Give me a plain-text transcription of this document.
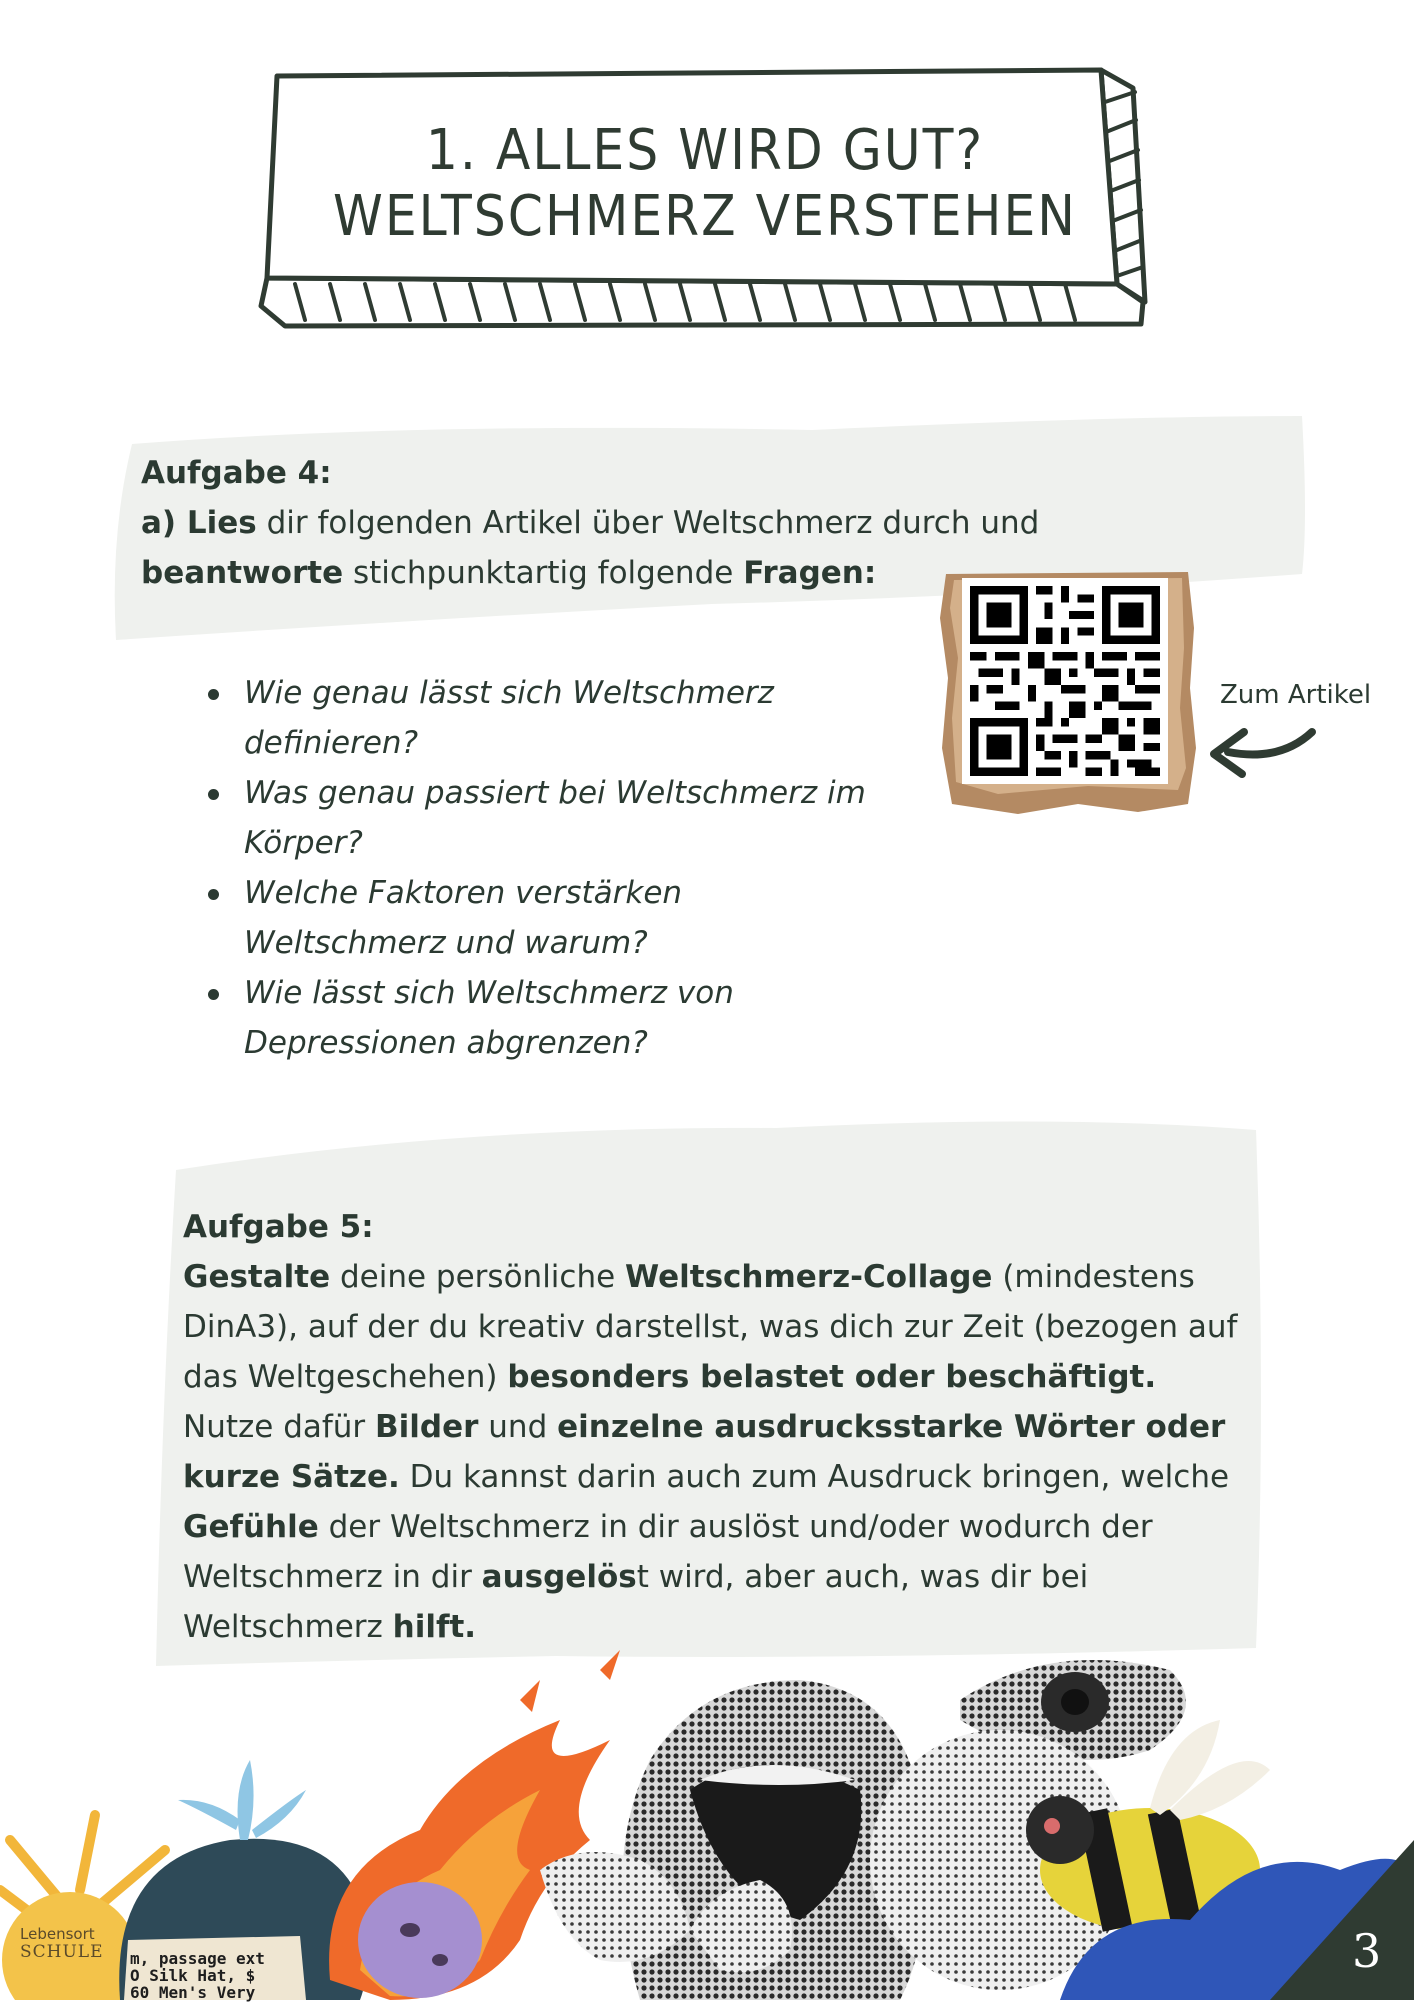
1. ALLES WIRD GUT?
WELTSCHMERZ VERSTEHEN
Aufgabe 4:
a) Lies dir folgenden Artikel über Weltschmerz durch und
beantworte stichpunktartig folgende Fragen:
Wie genau lässt sich Weltschmerz definieren?
Was genau passiert bei Weltschmerz im Körper?
Welche Faktoren verstärken Weltschmerz und warum?
Wie lässt sich Weltschmerz von Depressionen abgrenzen?
Zum Artikel
Aufgabe 5:
Gestalte deine persönliche Weltschmerz-Collage (mindestens DinA3), auf der du kreativ darstellst, was dich zur Zeit (bezogen auf das Weltgeschehen) besonders belastet oder beschäftigt. Nutze dafür Bilder und einzelne ausdrucksstarke Wörter oder kurze Sätze. Du kannst darin auch zum Ausdruck bringen, welche Gefühle der Weltschmerz in dir auslöst und/oder wodurch der Weltschmerz in dir ausgelöst wird, aber auch, was dir bei Weltschmerz hilft.
m, passage ext
O Silk Hat, $
60 Men's Very
Lebensort
SCHULE	3
